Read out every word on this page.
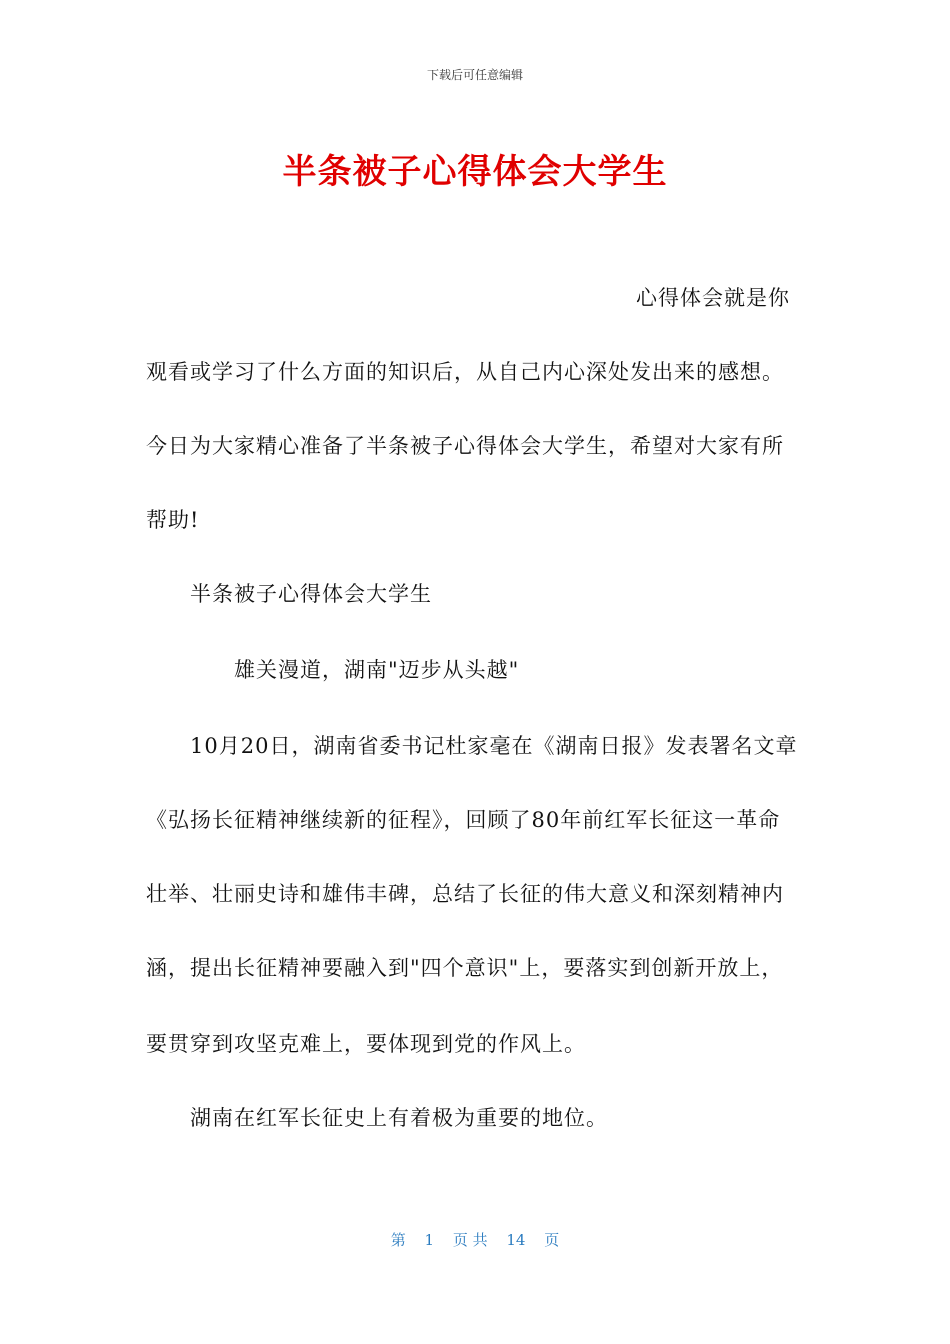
下载后可任意编辑
半条被子心得体会大学生
心得体会就是你
观看或学习了什么方面的知识后，从自己内心深处发出来的感想。
今日为大家精心准备了半条被子心得体会大学生，希望对大家有所
帮助!
半条被子心得体会大学生
雄关漫道，湖南"迈步从头越"
10月20日，湖南省委书记杜家毫在《湖南日报》发表署名文章
《弘扬长征精神继续新的征程》，回顾了80年前红军长征这一革命
壮举、壮丽史诗和雄伟丰碑，总结了长征的伟大意义和深刻精神内
涵，提出长征精神要融入到"四个意识"上，要落实到创新开放上，
要贯穿到攻坚克难上，要体现到党的作风上。
湖南在红军长征史上有着极为重要的地位。
第 1 页 共 14 页
